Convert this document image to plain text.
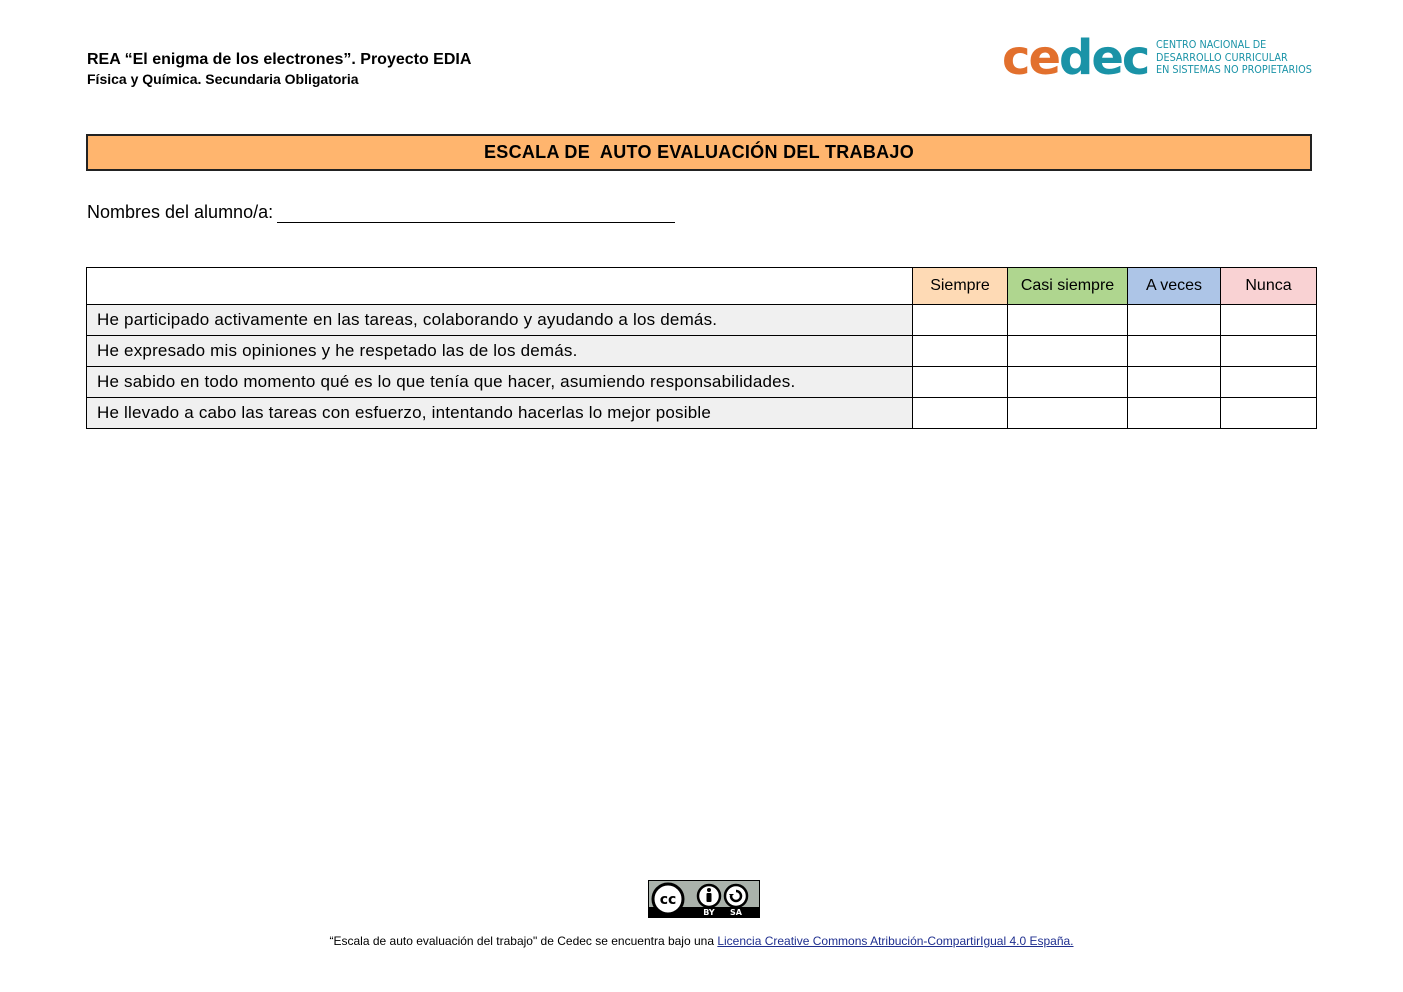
REA “El enigma de los electrones”. Proyecto EDIA
Física y Química. Secundaria Obligatoria	cedec CENTRO NACIONAL DE
DESARROLLO CURRICULAR
EN SISTEMAS NO PROPIETARIOS
ESCALA DE  AUTO EVALUACIÓN DEL TRABAJO
Nombres del alumno/a:
	Siempre	Casi siempre	A veces	Nunca
He participado activamente en las tareas, colaborando y ayudando a los demás.				
He expresado mis opiniones y he respetado las de los demás.				
He sabido en todo momento qué es lo que tenía que hacer, asumiendo responsabilidades.				
He llevado a cabo las tareas con esfuerzo, intentando hacerlas lo mejor posible				
cc
BY SA
“Escala de auto evaluación del trabajo" de Cedec se encuentra bajo una Licencia Creative Commons Atribución-CompartirIgual 4.0 España.
